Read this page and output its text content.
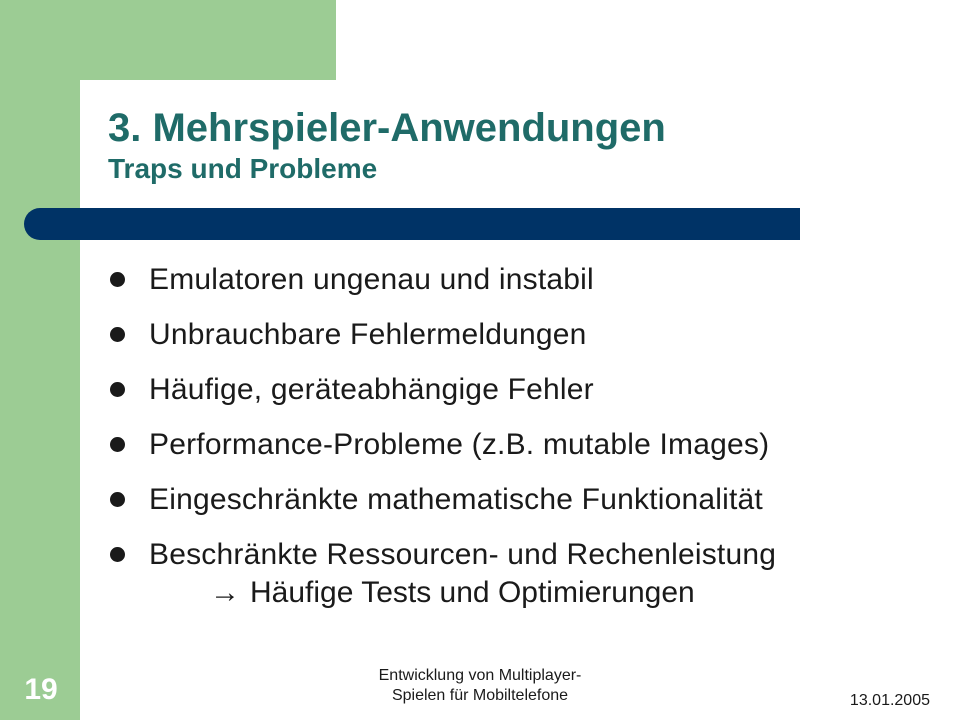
3. Mehrspieler-Anwendungen
Traps und Probleme
Emulatoren ungenau und instabil
Unbrauchbare Fehlermeldungen
Häufige, geräteabhängige Fehler
Performance-Probleme (z.B. mutable Images)
Eingeschränkte mathematische Funktionalität
Beschränkte Ressourcen- und Rechenleistung
→ Häufige Tests und Optimierungen
19	Entwicklung von Multiplayer-
Spielen für Mobiltelefone	13.01.2005
